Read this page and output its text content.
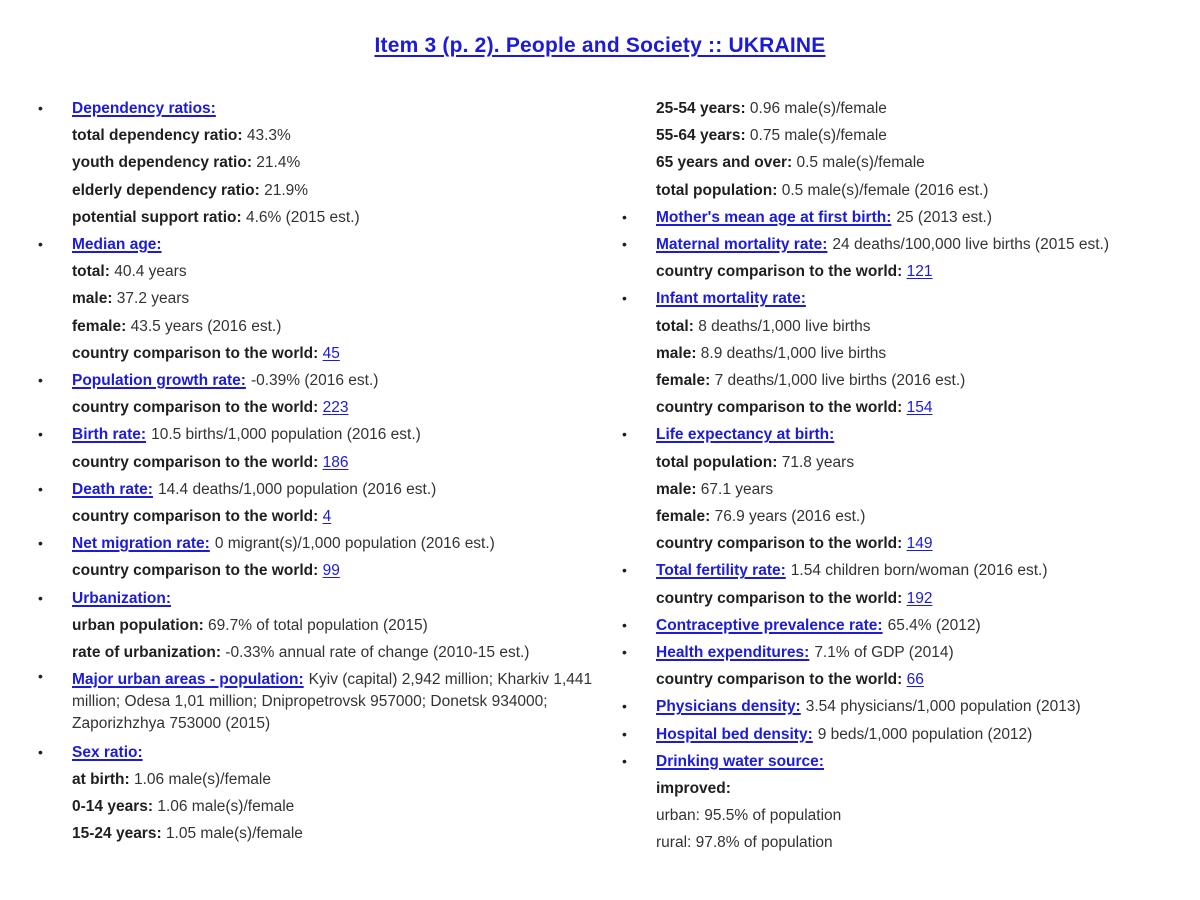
Item 3 (p. 2). People and Society :: UKRAINE
• Dependency ratios:
total dependency ratio: 43.3%
youth dependency ratio: 21.4%
elderly dependency ratio: 21.9%
potential support ratio: 4.6% (2015 est.)
• Median age:
total: 40.4 years
male: 37.2 years
female: 43.5 years (2016 est.)
country comparison to the world: 45
• Population growth rate: -0.39% (2016 est.)
country comparison to the world: 223
• Birth rate: 10.5 births/1,000 population (2016 est.)
country comparison to the world: 186
• Death rate: 14.4 deaths/1,000 population (2016 est.)
country comparison to the world: 4
• Net migration rate: 0 migrant(s)/1,000 population (2016 est.)
country comparison to the world: 99
• Urbanization:
urban population: 69.7% of total population (2015)
rate of urbanization: -0.33% annual rate of change (2010-15 est.)
• Major urban areas - population: Kyiv (capital) 2,942 million; Kharkiv 1,441 million; Odesa 1,01 million; Dnipropetrovsk 957000; Donetsk 934000; Zaporizhzhya 753000 (2015)
• Sex ratio:
at birth: 1.06 male(s)/female
0-14 years: 1.06 male(s)/female
15-24 years: 1.05 male(s)/female
25-54 years: 0.96 male(s)/female
55-64 years: 0.75 male(s)/female
65 years and over: 0.5 male(s)/female
total population: 0.5 male(s)/female (2016 est.)
• Mother's mean age at first birth: 25 (2013 est.)
• Maternal mortality rate: 24 deaths/100,000 live births (2015 est.)
country comparison to the world: 121
• Infant mortality rate:
total: 8 deaths/1,000 live births
male: 8.9 deaths/1,000 live births
female: 7 deaths/1,000 live births (2016 est.)
country comparison to the world: 154
• Life expectancy at birth:
total population: 71.8 years
male: 67.1 years
female: 76.9 years (2016 est.)
country comparison to the world: 149
• Total fertility rate: 1.54 children born/woman (2016 est.)
country comparison to the world: 192
• Contraceptive prevalence rate: 65.4% (2012)
• Health expenditures: 7.1% of GDP (2014)
country comparison to the world: 66
• Physicians density: 3.54 physicians/1,000 population (2013)
• Hospital bed density: 9 beds/1,000 population (2012)
• Drinking water source:
improved:
urban: 95.5% of population
rural: 97.8% of population
